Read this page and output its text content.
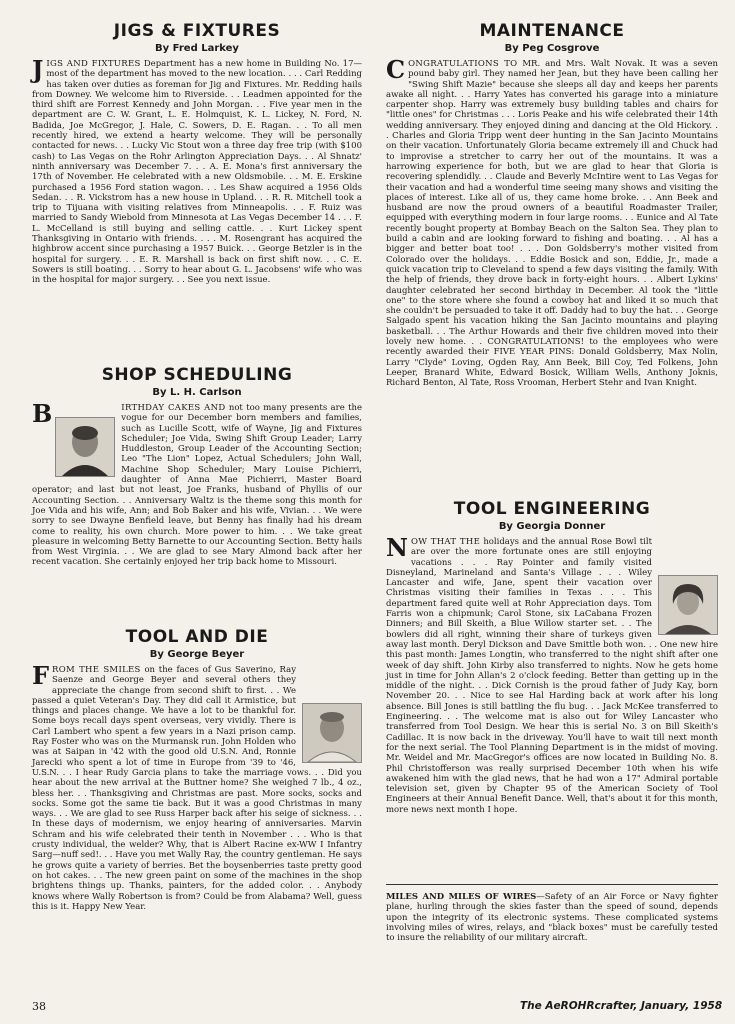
JIGS & FIXTURES
By Fred Larkey
JIGS AND FIXTURES Department has a new home in Building No. 17—most of the department has moved to the new location. . . . Carl Redding has taken over duties as foreman for Jig and Fixtures. Mr. Redding hails from Downey. We welcome him to Riverside. . . Leadmen appointed for the third shift are Forrest Kennedy and John Morgan. . . Five year men in the department are C. W. Grant, L. E. Holmquist, K. L. Lickey, N. Ford, N. Badida, Joe McGregor, J. Hale, C. Sowers, D. E. Ragan. . . To all men recently hired, we extend a hearty welcome. They will be personally contacted for news. . . Lucky Vic Stout won a three day free trip (with $100 cash) to Las Vegas on the Rohr Arlington Appreciation Days. . . Al Shnatz' ninth anniversary was December 7. . . A. E. Mona's first anniversary the 17th of November. He celebrated with a new Oldsmobile. . . M. E. Erskine purchased a 1956 Ford station wagon. . . Les Shaw acquired a 1956 Olds Sedan. . . R. Vickstrom has a new house in Upland. . . R. R. Mitchell took a trip to Tijuana with visiting relatives from Minneapolis. . . F. Ruiz was married to Sandy Wiebold from Minnesota at Las Vegas December 14 . . . F. L. McCelland is still buying and selling cattle. . . Kurt Lickey spent Thanksgiving in Ontario with friends. . . . M. Rosengrant has acquired the highbrow accent since purchasing a 1957 Buick. . . George Betzler is in the hospital for surgery. . . E. R. Marshall is back on first shift now. . . C. E. Sowers is still boating. . . Sorry to hear about G. L. Jacobsens' wife who was in the hospital for major surgery. . . See you next issue.
SHOP SCHEDULING
By L. H. Carlson
B	IRTHDAY CAKES AND
not too many presents are the vogue for our December born members and families, such as Lucille Scott, wife of Wayne, Jig and Fixtures Scheduler; Joe Vida, Swing Shift Group Leader; Larry Huddleston, Group Leader of the Accounting Section; Leo "The Lion" Lopez, Actual Schedulers; John Wall, Machine Shop Scheduler; Mary Louise Pichierri, daughter of Anna Mae Pichierri, Master Board operator; and last but not least, Joe Franks, husband of Phyllis of our Accounting Section. . . Anniversary Waltz is the theme song this month for Joe Vida and his wife, Ann; and Bob Baker and his wife, Vivian. . . We were sorry to see Dwayne Benfield leave, but Benny has finally had his dream come to reality, his own church. More power to him. . . We take great pleasure in welcoming Betty Barnette to our Accounting Section. Betty hails from West Virginia. . . We are glad to see Mary Almond back after her recent vacation. She certainly enjoyed her trip back home to Missouri.
TOOL AND DIE
By George Beyer
FROM THE SMILES
on the faces of Gus Saverino, Ray Saenze and George Beyer and several others they appreciate the change from second shift to first. . . We passed a quiet Veteran's Day. They did call it Armistice, but things and places change. We have a lot to be thankful for. Some boys recall days spent overseas, very vividly. There is Carl Lambert who spent a few years in a Nazi prison camp. Ray Foster who was on the Murmansk run. John Holden who was at Saipan in '42 with the good old U.S.N. And, Ronnie Jarecki who spent a lot of time in Europe from '39 to '46, U.S.N. . . I hear Rudy Garcia plans to take the marriage vows. . . Did you hear about the new arrival at the Buttner home? She weighed 7 lb., 4 oz., bless her. . . Thanksgiving and Christmas are past. More socks, socks and socks. Some got the same tie back. But it was a good Christmas in many ways. . . We are glad to see Russ Harper back after his seige of sickness. . . In these days of modernism, we enjoy hearing of anniversaries. Marvin Schram and his wife celebrated their tenth in November . . . Who is that crusty individual, the welder? Why, that is Albert Racine ex-WW I Infantry Sarg—nuff sed!. . . Have you met Wally Ray, the country gentleman. He says he grows quite a variety of berries. Bet the boysenberries taste pretty good on hot cakes. . . The new green paint on some of the machines in the shop brightens things up. Thanks, painters, for the added color. . . Anybody knows where Wally Robertson is from? Could be from Alabama? Well, guess this is it. Happy New Year.
MAINTENANCE
By Peg Cosgrove
CONGRATULATIONS TO MR. and Mrs. Walt Novak. It was a seven pound baby girl. They named her Jean, but they have been calling her "Swing Shift Mazie" because she sleeps all day and keeps her parents awake all night. . . Harry Yates has converted his garage into a miniature carpenter shop. Harry was extremely busy building tables and chairs for "little ones" for Christmas . . . Loris Peake and his wife celebrated their 14th wedding anniversary. They enjoyed dining and dancing at the Old Hickory. . . Charles and Gloria Tripp went deer hunting in the San Jacinto Mountains on their vacation. Unfortunately Gloria became extremely ill and Chuck had to improvise a stretcher to carry her out of the mountains. It was a harrowing experience for both, but we are glad to hear that Gloria is recovering splendidly. . . Claude and Beverly McIntire went to Las Vegas for their vacation and had a wonderful time seeing many shows and visiting the places of interest. Like all of us, they came home broke. . . Ann Beek and husband are now the proud owners of a beautiful Roadmaster Trailer, equipped with everything modern in four large rooms. . . Eunice and Al Tate recently bought property at Bombay Beach on the Salton Sea. They plan to build a cabin and are looking forward to fishing and boating. . . Al has a bigger and better boat too! . . . Don Goldsberry's mother visited from Colorado over the holidays. . . Eddie Bosick and son, Eddie, Jr., made a quick vacation trip to Cleveland to spend a few days visiting the family. With the help of friends, they drove back in forty-eight hours. . . Albert Lykins' daughter celebrated her second birthday in December. Al took the "little one" to the store where she found a cowboy hat and liked it so much that she couldn't be persuaded to take it off. Daddy had to buy the hat. . . George Salgado spent his vacation hiking the San Jacinto mountains and playing basketball. . . The Arthur Howards and their five children moved into their lovely new home. . . CONGRATULATIONS! to the employees who were recently awarded their FIVE YEAR PINS: Donald Goldsberry, Max Nolin, Larry "Clyde" Loving, Ogden Ray, Ann Beek, Bill Coy, Ted Folkens, John Leeper, Branard White, Edward Bosick, William Wells, Anthony Joknis, Richard Benton, Al Tate, Ross Vrooman, Herbert Stehr and Ivan Knight.
TOOL ENGINEERING
By Georgia Donner
NOW THAT THE
holidays and the annual Rose Bowl tilt are over the more fortunate ones are still enjoying vacations . . . Ray Pointer and family visited Disneyland, Marineland and Santa's Village . . . Wiley Lancaster and wife, Jane, spent their vacation over Christmas visiting their families in Texas . . . This department fared quite well at Rohr Appreciation days. Tom Farris won a chipmunk; Carol Stone, six LaCabana Frozen Dinners; and Bill Skeith, a Blue Willow starter set. . . The bowlers did all right, winning their share of turkeys given away last month. Deryl Dickson and Dave Smittle both won. . . One new hire this past month: James Longtin, who transferred to the night shift after one week of day shift. John Kirby also transferred to nights. Now he gets home just in time for John Allan's 2 o'clock feeding. Better than getting up in the middle of the night. . . Dick Cornish is the proud father of Judy Kay, born November 20. . . Nice to see Hal Harding back at work after his long absence. Bill Jones is still battling the flu bug. . . Jack McKee transferred to Engineering. . . The welcome mat is also out for Wiley Lancaster who transferred from Tool Design. We hear this is serial No. 3 on Bill Skeith's Cadillac. It is now back in the driveway. You'll have to wait till next month for the next serial. The Tool Planning Department is in the midst of moving. Mr. Weidel and Mr. MacGregor's offices are now located in Building No. 8. Phil Christofferson was really surprised December 10th when his wife awakened him with the glad news, that he had won a 17" Admiral portable television set, given by Chapter 95 of the American Society of Tool Engineers at their Annual Benefit Dance. Well, that's about it for this month, more news next month I hope.
MILES AND MILES OF WIRES—Safety of an Air Force or Navy fighter plane, hurling through the skies faster than the speed of sound, depends upon the integrity of its electronic systems. These complicated systems involving miles of wires, relays, and "black boxes" must be carefully tested to insure the reliability of our military aircraft.
38	The AeROHRcrafter, January, 1958
